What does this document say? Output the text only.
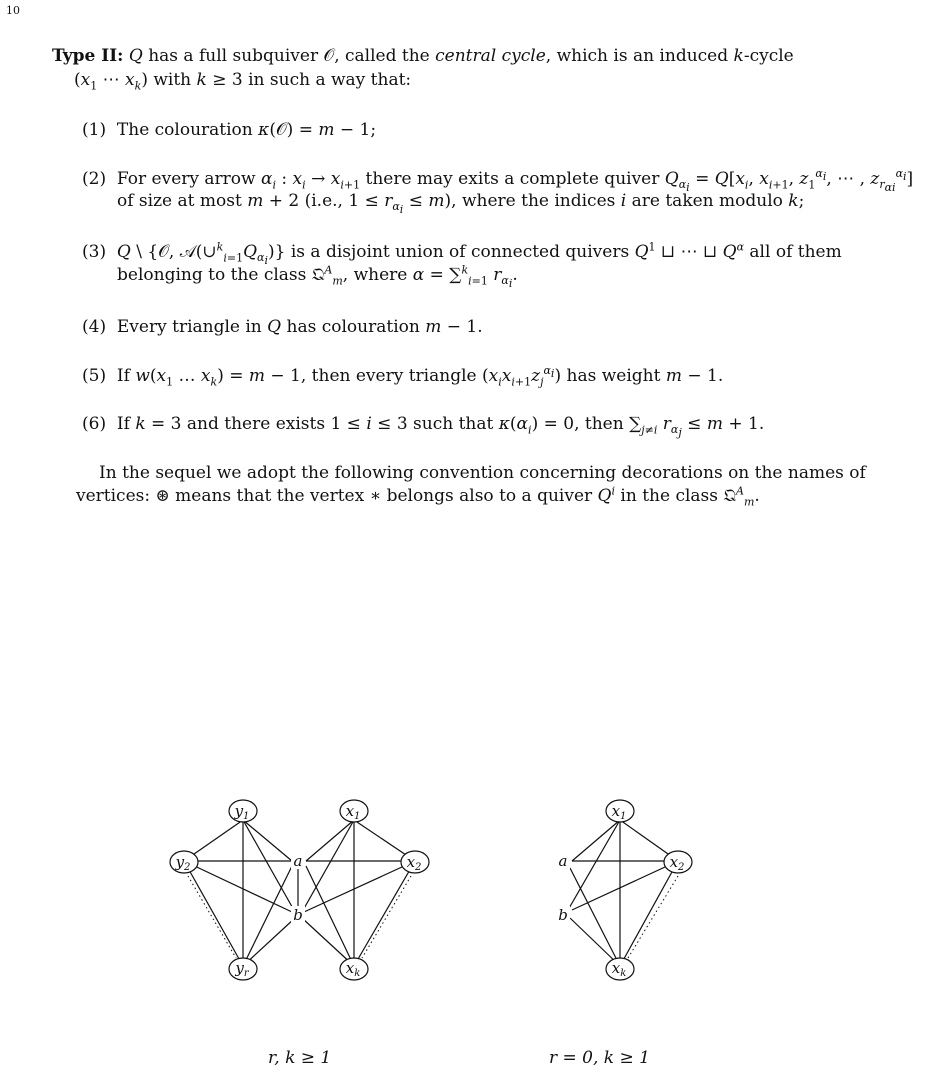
10
Type II: Q has a full subquiver 𝒪, called the central cycle, which is an induced k-cycle
($x_1$ ⋯ $x_k$) with k ≥ 3 in such a way that:
(1)  The colouration κ(𝒪) = m − 1;
(2)  For every arrow $\alpha_i$ : $x_i \to x_{i+1}$ there may exits a complete quiver $Q_{\alpha_i} = Q[x_i$, $x_{i+1}$, $z_1^{\alpha_i}$, ⋯ , $z_{r_{\alpha i}}^{\alpha_i}$]
of size at most m + 2 (i.e., $1 \le r_{\alpha_i} \le m$), where the indices i are taken modulo k;
(3) Q \ {𝒪, $𝒜(\cup^k_{i=1}Q_{\alpha_i})$} is a disjoint union of connected quivers $Q^1$ ⊔ ⋯ ⊔ $Q^\alpha$ all of them
belonging to the class 𝔔$^A_m$, where α = ∑$^k_{i=1}$ $r_{\alpha_i}$.
(4)  Every triangle in Q has colouration m − 1.
(5)  If $w(x_1$ … $x_k) = m - 1$, then every triangle $(x_ix_{i+1}z_j^{\alpha_i})$ has weight m − 1.
(6)  If k = 3 and there exists 1 ≤ i ≤ 3 such that $\kappa(\alpha_i) = 0$, then $\sum_{j\ne i}$ $r_{\alpha_j} \le m + 1$.
In the sequel we adopt the following convention concerning decorations on the names of
vertices: ⊛ means that the vertex ∗ belongs also to a quiver $Q^i$ in the class 𝔔$^A_m$.
$y_1$
$y_2$
$y_r$
$x_1$
$x_2$
$x_k$
a
b
$x_1$
$x_2$
$x_k$
a
b
r, k ≥ 1	r = 0, k ≥ 1
